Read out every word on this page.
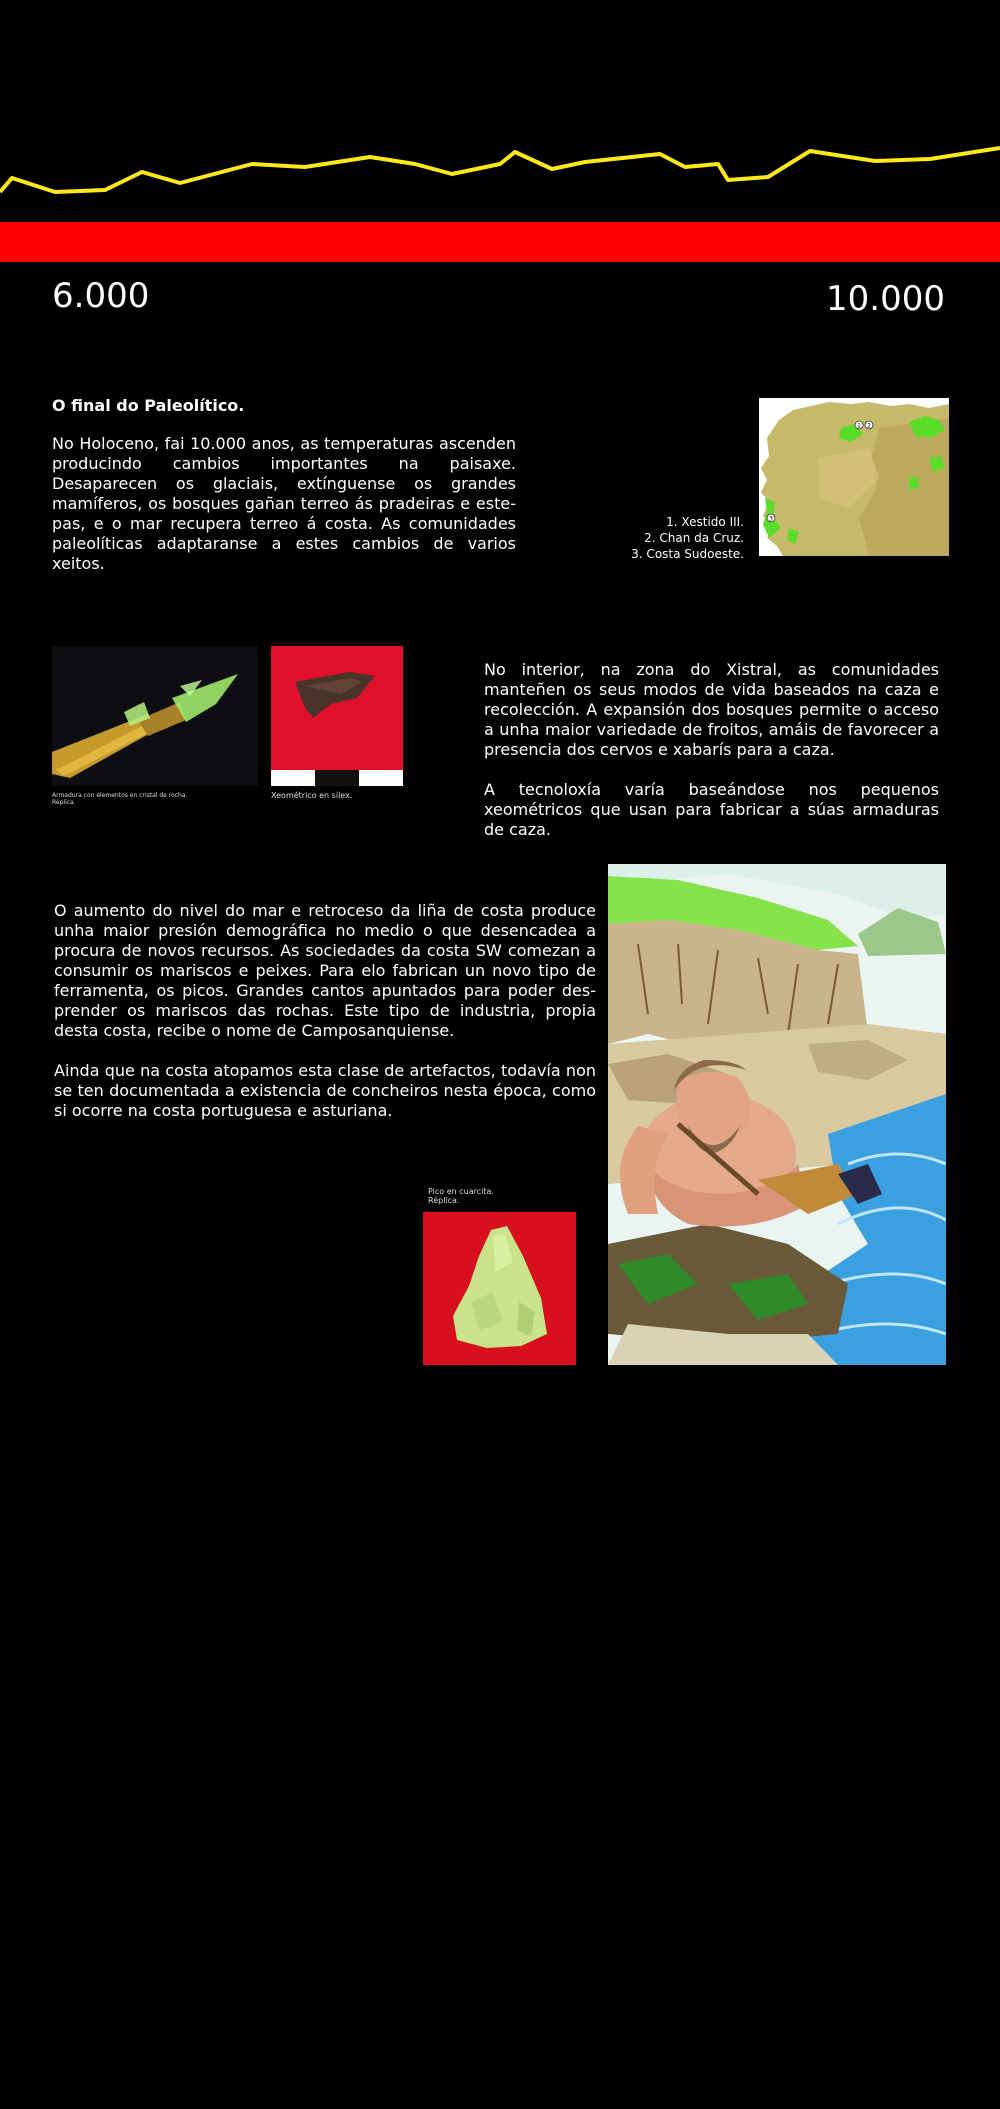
6.000	10.000
O final do Paleolítico.
No Holoceno, fai 10.000 anos, as temperaturas ascenden producindo cambios importantes na paisaxe. Desaparecen os glaciais, extínguense os grandes mamíferos, os bosques gañan terreo ás pradeiras e estepas, e o mar recupera terreo á costa. As comunidades paleolíticas adaptaranse a estes cambios de varios xeitos.
1. Xestido III.
2. Chan da Cruz.
3. Costa Sudoeste.
1 2
3
Armadura con elementos en cristal de rocha. Réplica.
Xeométrico en sílex.
No interior, na zona do Xistral, as comunidades manteñen os seus modos de vida baseados na caza e recolección. A expansión dos bosques permite o acceso a unha maior variedade de froitos, amáis de favorecer a presencia dos cervos e xabarís para a caza.
A tecnoloxía varía baseándose nos pequenos xeométricos que usan para fabricar a súas armaduras de caza.
O aumento do nivel do mar e retroceso da liña de costa produce unha maior presión demográfica no medio o que desencadea a procura de novos recursos. As sociedades da costa SW comezan a consumir os mariscos e peixes. Para elo fabrican un novo tipo de ferramenta, os picos. Grandes cantos apuntados para poder desprender os mariscos das rochas. Este tipo de industria, propia desta costa, recibe o nome de Camposanquiense.
Ainda que na costa atopamos esta clase de artefactos, todavía non se ten documentada a existencia de concheiros nesta época, como si ocorre na costa portuguesa e asturiana.
Pico en cuarcita. Réplica.
